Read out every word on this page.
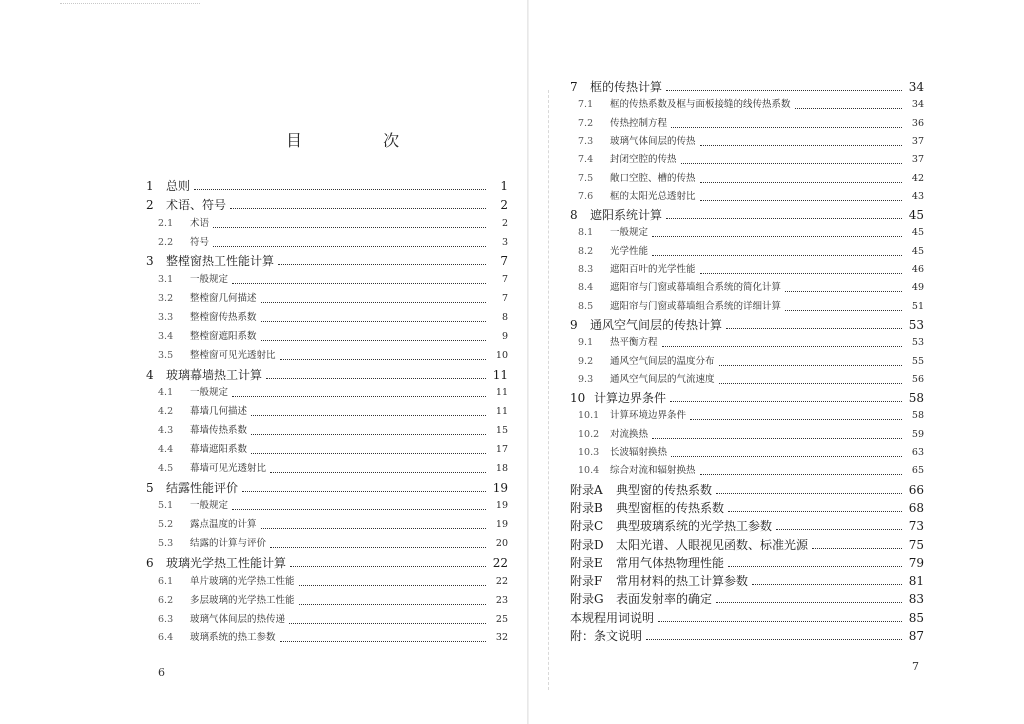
目 次
1	总则	1
2	术语、符号	2
2.1	术语	2
2.2	符号	3
3	整樘窗热工性能计算	7
3.1	一般规定	7
3.2	整樘窗几何描述	7
3.3	整樘窗传热系数	8
3.4	整樘窗遮阳系数	9
3.5	整樘窗可见光透射比	10
4	玻璃幕墙热工计算	11
4.1	一般规定	11
4.2	幕墙几何描述	11
4.3	幕墙传热系数	15
4.4	幕墙遮阳系数	17
4.5	幕墙可见光透射比	18
5	结露性能评价	19
5.1	一般规定	19
5.2	露点温度的计算	19
5.3	结露的计算与评价	20
6	玻璃光学热工性能计算	22
6.1	单片玻璃的光学热工性能	22
6.2	多层玻璃的光学热工性能	23
6.3	玻璃气体间层的热传递	25
6.4	玻璃系统的热工参数	32
6
7	框的传热计算	34
7.1	框的传热系数及框与面板接缝的线传热系数	34
7.2	传热控制方程	36
7.3	玻璃气体间层的传热	37
7.4	封闭空腔的传热	37
7.5	敞口空腔、槽的传热	42
7.6	框的太阳光总透射比	43
8	遮阳系统计算	45
8.1	一般规定	45
8.2	光学性能	45
8.3	遮阳百叶的光学性能	46
8.4	遮阳帘与门窗或幕墙组合系统的简化计算	49
8.5	遮阳帘与门窗或幕墙组合系统的详细计算	51
9	通风空气间层的传热计算	53
9.1	热平衡方程	53
9.2	通风空气间层的温度分布	55
9.3	通风空气间层的气流速度	56
10 计算边界条件	58
10.1	计算环境边界条件	58
10.2	对流换热	59
10.3	长波辐射换热	63
10.4	综合对流和辐射换热	65
附录A	典型窗的传热系数	66
附录B	典型窗框的传热系数	68
附录C	典型玻璃系统的光学热工参数	73
附录D	太阳光谱、人眼视见函数、标准光源	75
附录E	常用气体热物理性能	79
附录F	常用材料的热工计算参数	81
附录G	表面发射率的确定	83
本规程用词说明	85
附：条文说明	87
7
